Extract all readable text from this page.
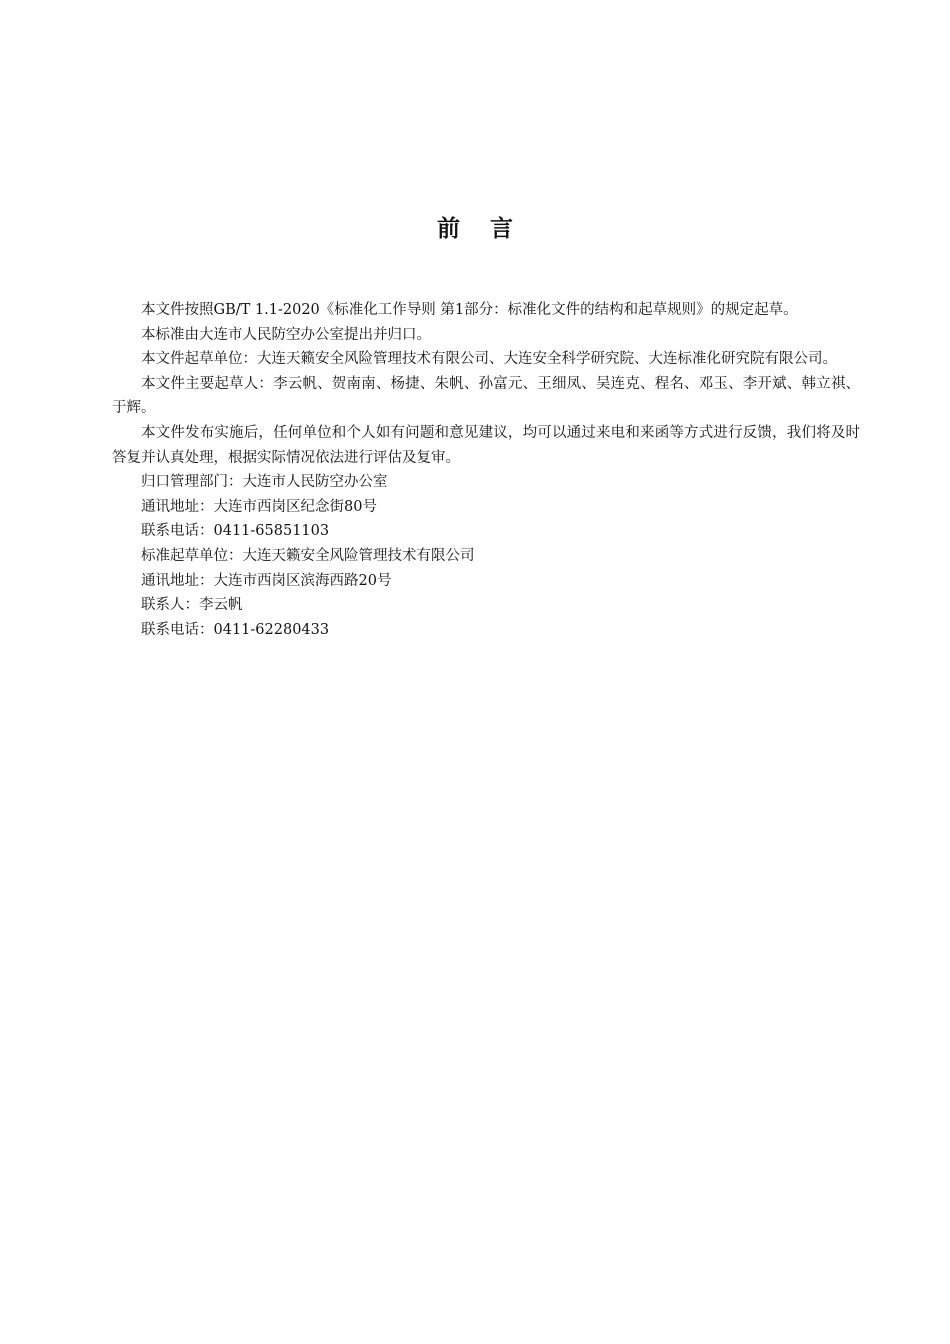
前 言

本文件按照GB/T 1.1-2020《标准化工作导则 第1部分：标准化文件的结构和起草规则》的规定起草。

本标准由大连市人民防空办公室提出并归口。

本文件起草单位：大连天籁安全风险管理技术有限公司、大连安全科学研究院、大连标准化研究院有限公司。

本文件主要起草人：李云帆、贺南南、杨捷、朱帆、孙富元、王细凤、吴连克、程名、邓玉、李开斌、韩立祺、于辉。

本文件发布实施后，任何单位和个人如有问题和意见建议，均可以通过来电和来函等方式进行反馈，我们将及时答复并认真处理，根据实际情况依法进行评估及复审。

归口管理部门：大连市人民防空办公室

通讯地址：大连市西岗区纪念街80号

联系电话：0411-65851103

标准起草单位：大连天籁安全风险管理技术有限公司

通讯地址：大连市西岗区滨海西路20号

联系人：李云帆

联系电话：0411-62280433
